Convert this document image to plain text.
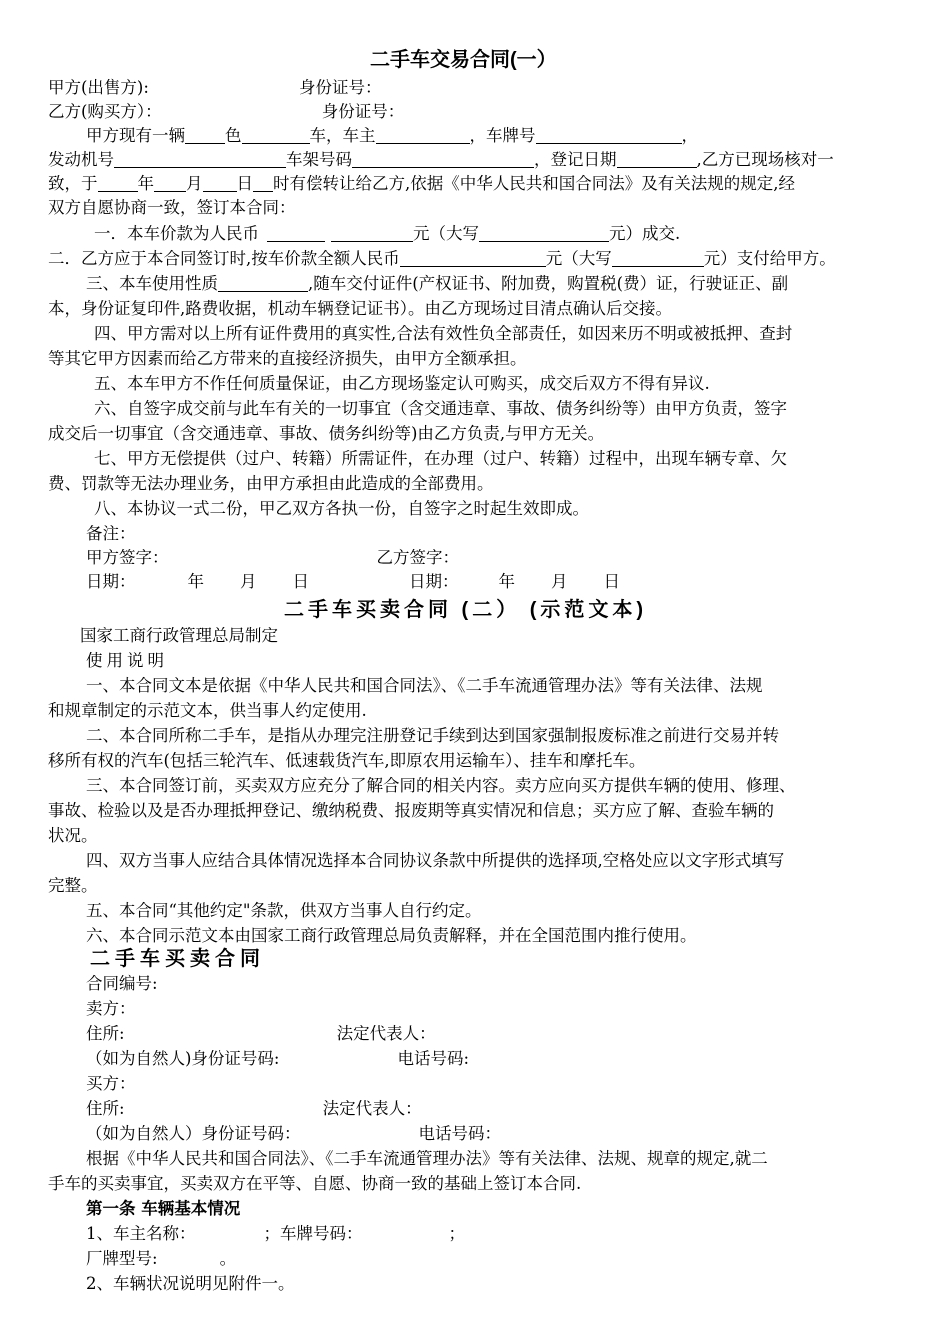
二手车交易合同(一）
甲方(出售方):	身份证号：
乙方(购买方）：	身份证号：
甲方现有一辆 色	车，车主	，车牌号	，
发动机号	车架号码	，登记日期	,乙方已现场核对一
致，于 年 月 日 时有偿转让给乙方,依据《中华人民共和国合同法》及有关法规的规定,经
双方自愿协商一致，签订本合同：
一．本车价款为人民币	元（大写	元）成交.
二．乙方应于本合同签订时,按车价款全额人民币	元（大写	元）支付给甲方。
三、本车使用性质	,随车交付证件(产权证书、附加费，购置税(费）证，行驶证正、副
本，身份证复印件,路费收据，机动车辆登记证书）。由乙方现场过目清点确认后交接。
四、甲方需对以上所有证件费用的真实性,合法有效性负全部责任，如因来历不明或被抵押、查封
等其它甲方因素而给乙方带来的直接经济损失，由甲方全额承担。
五、本车甲方不作任何质量保证，由乙方现场鉴定认可购买，成交后双方不得有异议.
六、自签字成交前与此车有关的一切事宜（含交通违章、事故、债务纠纷等）由甲方负责，签字
成交后一切事宜（含交通违章、事故、债务纠纷等)由乙方负责,与甲方无关。
七、甲方无偿提供（过户、转籍）所需证件，在办理（过户、转籍）过程中，出现车辆专章、欠
费、罚款等无法办理业务，由甲方承担由此造成的全部费用。
八、本协议一式二份，甲乙双方各执一份，自签字之时起生效即成。
备注：
甲方签字：	乙方签字：
日期：	年 月 日	日期： 年 月 日
二手车买卖合同 (二） (示范文本)
国家工商行政管理总局制定
使用说明
一、本合同文本是依据《中华人民共和国合同法》、《二手车流通管理办法》等有关法律、法规
和规章制定的示范文本，供当事人约定使用.
二、本合同所称二手车，是指从办理完注册登记手续到达到国家强制报废标准之前进行交易并转
移所有权的汽车(包括三轮汽车、低速载货汽车,即原农用运输车）、挂车和摩托车。
三、本合同签订前，买卖双方应充分了解合同的相关内容。卖方应向买方提供车辆的使用、修理、
事故、检验以及是否办理抵押登记、缴纳税费、报废期等真实情况和信息；买方应了解、查验车辆的
状况。
四、双方当事人应结合具体情况选择本合同协议条款中所提供的选择项,空格处应以文字形式填写
完整。
五、本合同“其他约定"条款，供双方当事人自行约定。
六、本合同示范文本由国家工商行政管理总局负责解释，并在全国范围内推行使用。
二手车买卖合同
合同编号:
卖方：
住所:	法定代表人：
（如为自然人)身份证号码:	电话号码:
买方：
住所:	法定代表人：
（如为自然人）身份证号码：	电话号码：
根据《中华人民共和国合同法》、《二手车流通管理办法》等有关法律、法规、规章的规定,就二
手车的买卖事宜，买卖双方在平等、自愿、协商一致的基础上签订本合同.
第一条 车辆基本情况
1、车主名称：	；车牌号码：	；
厂牌型号:	。
2、车辆状况说明见附件一。
